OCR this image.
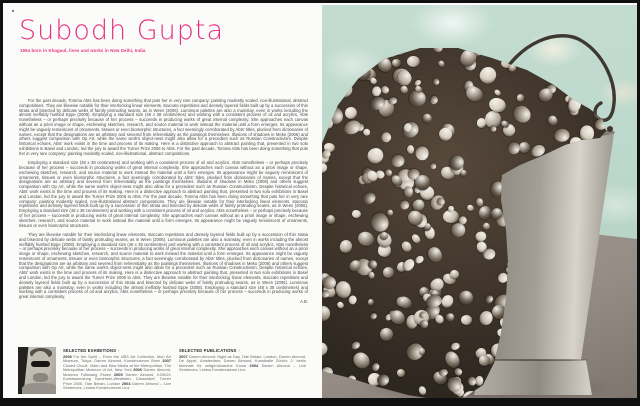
Subodh Gupta
1964 born in Khagaul, lives and works in New Delhi, India

For the past decade, Tomma Abts has been doing something that puts her in very rare company: painting modestly scaled, non-illustrational, abstract compositions. They are likewise notable for their interlocking linear elements, staccato repetitions and densely layered fields built up by a succession of thin strata and bisected by delicate webs of faintly protruding seams, as in Ween (2006). Luminous palettes are also a mainstay, even in works including the almost ineffably hushed Eppe (2008). Employing a standard size (48 x 38 centimetres) and working with a consistent process of oil and acrylics, Abts nonetheless – or perhaps precisely because of her process – succeeds in producing works of great internal complexity. She approaches each canvas without an a priori image or shape, eschewing sketches, research, and source material to work instead the material until a form emerges. Its appearance might be vaguely reminiscent of ornaments, tissues or even biomorphic structures, a fact seemingly corroborated by Abts' titles, plucked from dictionaries of names, except that the designations are as arbitrary and severed from referentiality as the paintings themselves. Illusions of shadows in Meko (2006) and others suggest comparison with Op Art, while the same work's object-ness might also allow for a precedent such as Russian Constructivism. Despite historical echoes, Abts' work exists in the time and process of its making. Here is a distinctive approach to abstract painting that, presented in two solo exhibitions in Basel and London, led the jury to award the Turner Prize 2006 to Abts. For the past decade, Tomma Abts has been doing something that puts her in very rare company: painting modestly scaled, non-illustrational, abstract compositions.

Employing a standard size (48 x 38 centimetres) and working with a consistent process of oil and acrylics, Abts nonetheless – or perhaps precisely because of her process – succeeds in producing works of great internal complexity. She approaches each canvas without an a priori image or shape, eschewing sketches, research, and source material to work instead the material until a form emerges. Its appearance might be vaguely reminiscent of ornaments, tissues or even biomorphic structures, a fact seemingly corroborated by Abts' titles, plucked from dictionaries of names, except that the designations are as arbitrary and severed from referentiality as the paintings themselves. Illusions of shadows in Meko (2006) and others suggest comparison with Op Art, while the same work's object-ness might also allow for a precedent such as Russian Constructivism. Despite historical echoes, Abts' work exists in the time and process of its making. Here is a distinctive approach to abstract painting that, presented in two solo exhibitions in Basel and London, led the jury to award the Turner Prize 2006 to Abts. For the past decade, Tomma Abts has been doing something that puts her in very rare company: painting modestly scaled, non-illustrational abstract compositions. They are likewise notable for their interlocking linear elements, staccato repetitions and densely layered fields built up by a succession of thin strata and bisected by delicate webs of faintly protruding seams, as in Ween (2006). Employing a standard size (48 x 38 centimetres) and working with a consistent process of oil and acrylics, Abts nonetheless – or perhaps precisely because of her process – succeeds in producing works of great internal complexity. She approaches each canvas without an a priori image or shape, eschewing sketches, research, and source material to work instead the material until a form emerges. Its appearance might be vaguely reminiscent of ornaments, tissues or even biomorphic structures.

They are likewise notable for their interlocking linear elements, staccato repetitions and densely layered fields built up by a succession of thin strata and bisected by delicate webs of faintly protruding seams, as in Ween (2006). Luminous palettes are also a mainstay, even in works including the almost ineffably hushed Eppe (2008). Employing a standard size (48 x 38 centimetres) and working with a consistent process of oil and acrylics, Abts nonetheless – or perhaps precisely because of her process – succeeds in producing works of great internal complexity. She approaches each canvas without an a priori image or shape, eschewing sketches, research, and source material to work instead the material until a form emerges. Its appearance might be vaguely reminiscent of ornaments, tissues or even biomorphic structures, a fact seemingly corroborated by Abts' titles, plucked from dictionaries of names, except that the designations are as arbitrary and severed from referentiality as the paintings themselves. Illusions of shadows in Meko (2006) and others suggest comparison with Op Art, while the same work's object-ness might also allow for a precedent such as Russian Constructivism. Despite historical echoes, Abts' work exists in the time and process of its making. Here is a distinctive approach to abstract painting that, presented in two solo exhibitions in Basel and London, led the jury to award the Turner Prize 2006 to Abts. They are likewise notable for their interlocking linear elements, staccato repetitions and densely layered fields built up by a succession of thin strata and bisected by delicate webs of faintly protruding seams, as in Ween (2006). Luminous palettes are also a mainstay, even in works including the almost ineffably hushed Eppe (2008). Employing a standard size (48 x 38 centimetres) and working with a consistent process of oil and acrylics, Abts nonetheless – or perhaps precisely because of her process – succeeds in producing works of great internal complexity.

A.B.
SELECTED EXHIBITIONS +
2008 For the Spirit – From the UBS Art Collection, Mori Art Museum, Tokyo; Darren Almond, Kunstmuseum Bonn 2007 Closed Circuit. Video and New Media at the Metropolitan, The Metropolitan Museum of Art, New York 2006 Darren Almond, Museum Folkwang Essen 2005 Darren Almond, K20K21 Kunstsammlung Nordrhein-Westfalen, Düsseldorf; Turner Prize 2005, Tate Britain, London 2004 Darren Almond – Live Sentences, Lentos Kunstmuseum Linz
SELECTED PUBLICATIONS +
2007 Darren Almond: Night as Day, Tate Britain, London; Darren Almond, De Appel, Amsterdam; Darren Almond, Kunsthalle Zürich; 2. berlin biennale für zeitgenössische Kunst 2004 Darren Almond – Live Sentences, Lentos Kunstmuseum Linz
